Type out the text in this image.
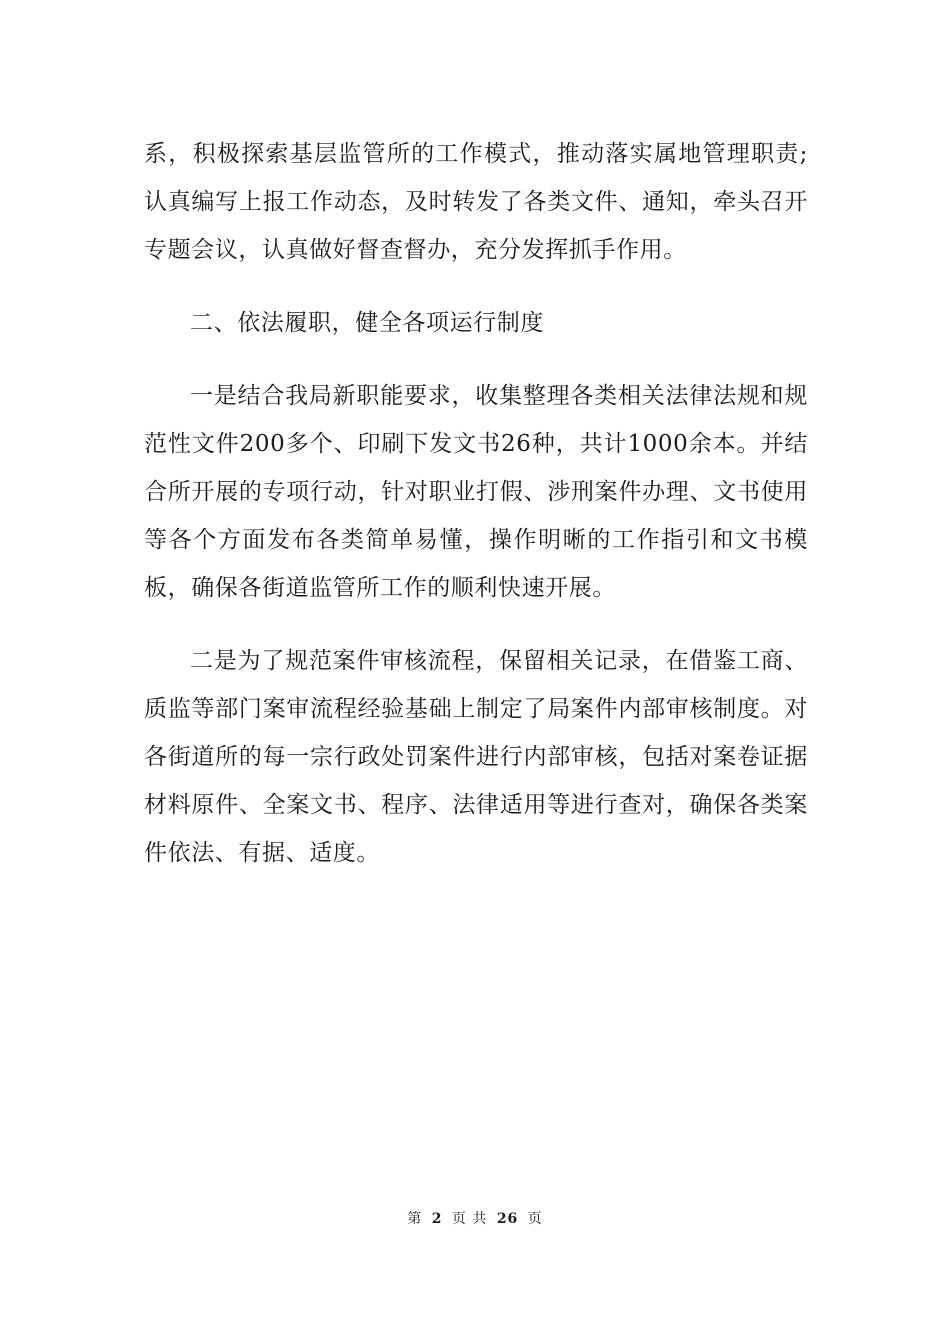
系，积极探索基层监管所的工作模式，推动落实属地管理职责;认真编写上报工作动态，及时转发了各类文件、通知，牵头召开专题会议，认真做好督查督办，充分发挥抓手作用。

二、依法履职，健全各项运行制度

一是结合我局新职能要求，收集整理各类相关法律法规和规范性文件200多个、印刷下发文书26种，共计1000余本。并结合所开展的专项行动，针对职业打假、涉刑案件办理、文书使用等各个方面发布各类简单易懂，操作明晰的工作指引和文书模板，确保各街道监管所工作的顺利快速开展。

二是为了规范案件审核流程，保留相关记录，在借鉴工商、质监等部门案审流程经验基础上制定了局案件内部审核制度。对各街道所的每一宗行政处罚案件进行内部审核，包括对案卷证据材料原件、全案文书、程序、法律适用等进行查对，确保各类案件依法、有据、适度。

第 2 页 共 26 页
